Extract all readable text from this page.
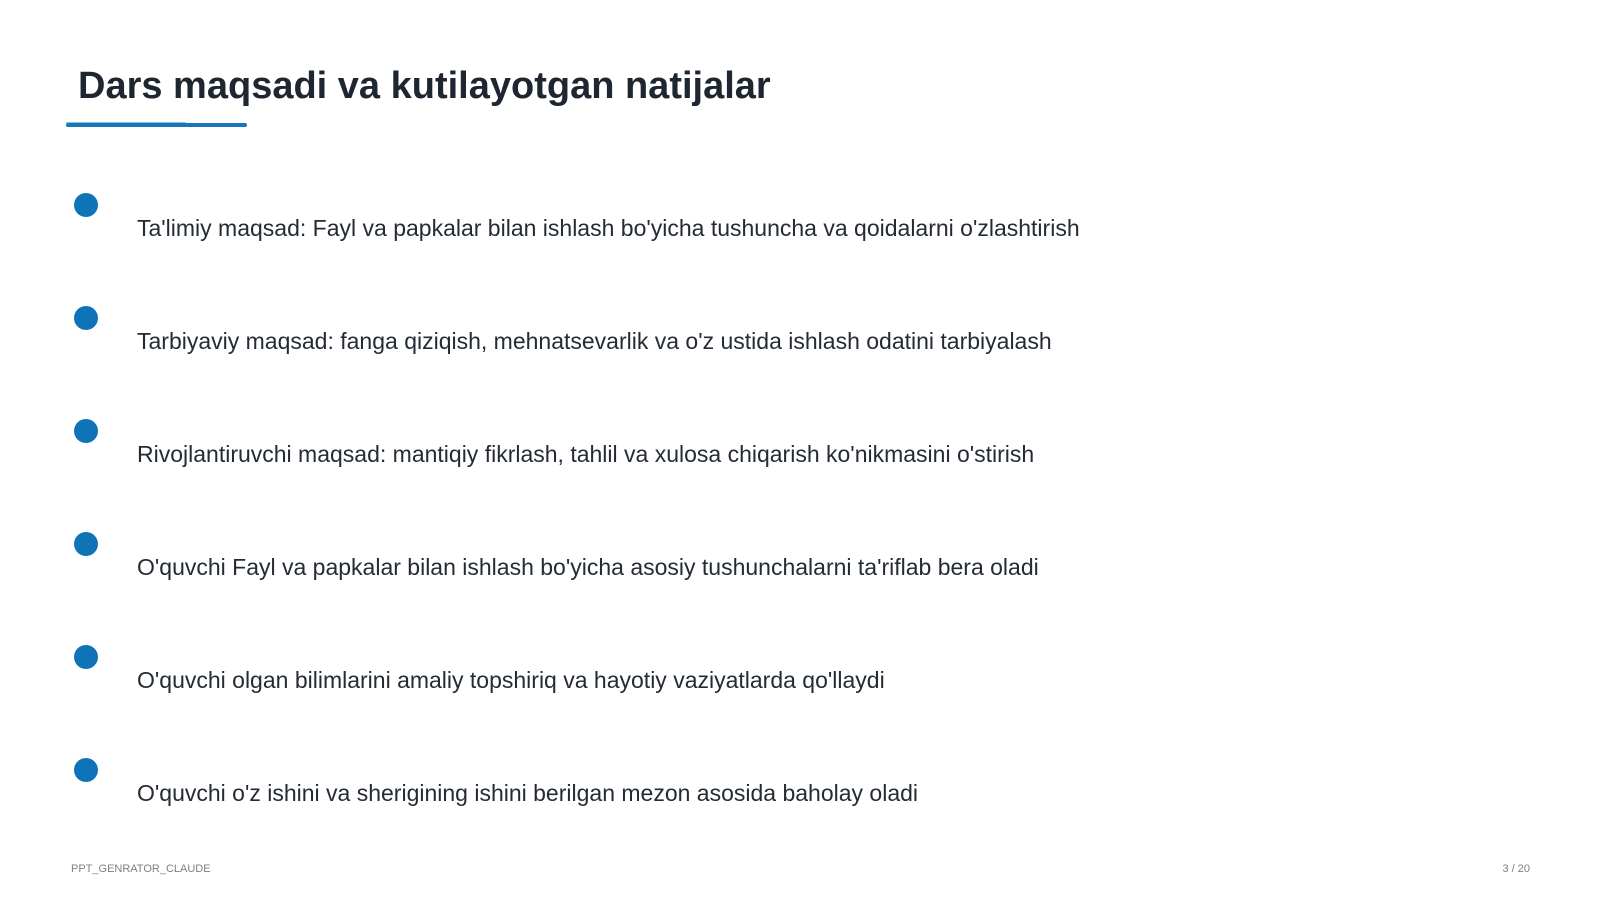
Dars maqsadi va kutilayotgan natijalar
Ta'limiy maqsad: Fayl va papkalar bilan ishlash bo'yicha tushuncha va qoidalarni o'zlashtirish
Tarbiyaviy maqsad: fanga qiziqish, mehnatsevarlik va o'z ustida ishlash odatini tarbiyalash
Rivojlantiruvchi maqsad: mantiqiy fikrlash, tahlil va xulosa chiqarish ko'nikmasini o'stirish
O'quvchi Fayl va papkalar bilan ishlash bo'yicha asosiy tushunchalarni ta'riflab bera oladi
O'quvchi olgan bilimlarini amaliy topshiriq va hayotiy vaziyatlarda qo'llaydi
O'quvchi o'z ishini va sherigining ishini berilgan mezon asosida baholay oladi
PPT_GENRATOR_CLAUDE	3 / 20
